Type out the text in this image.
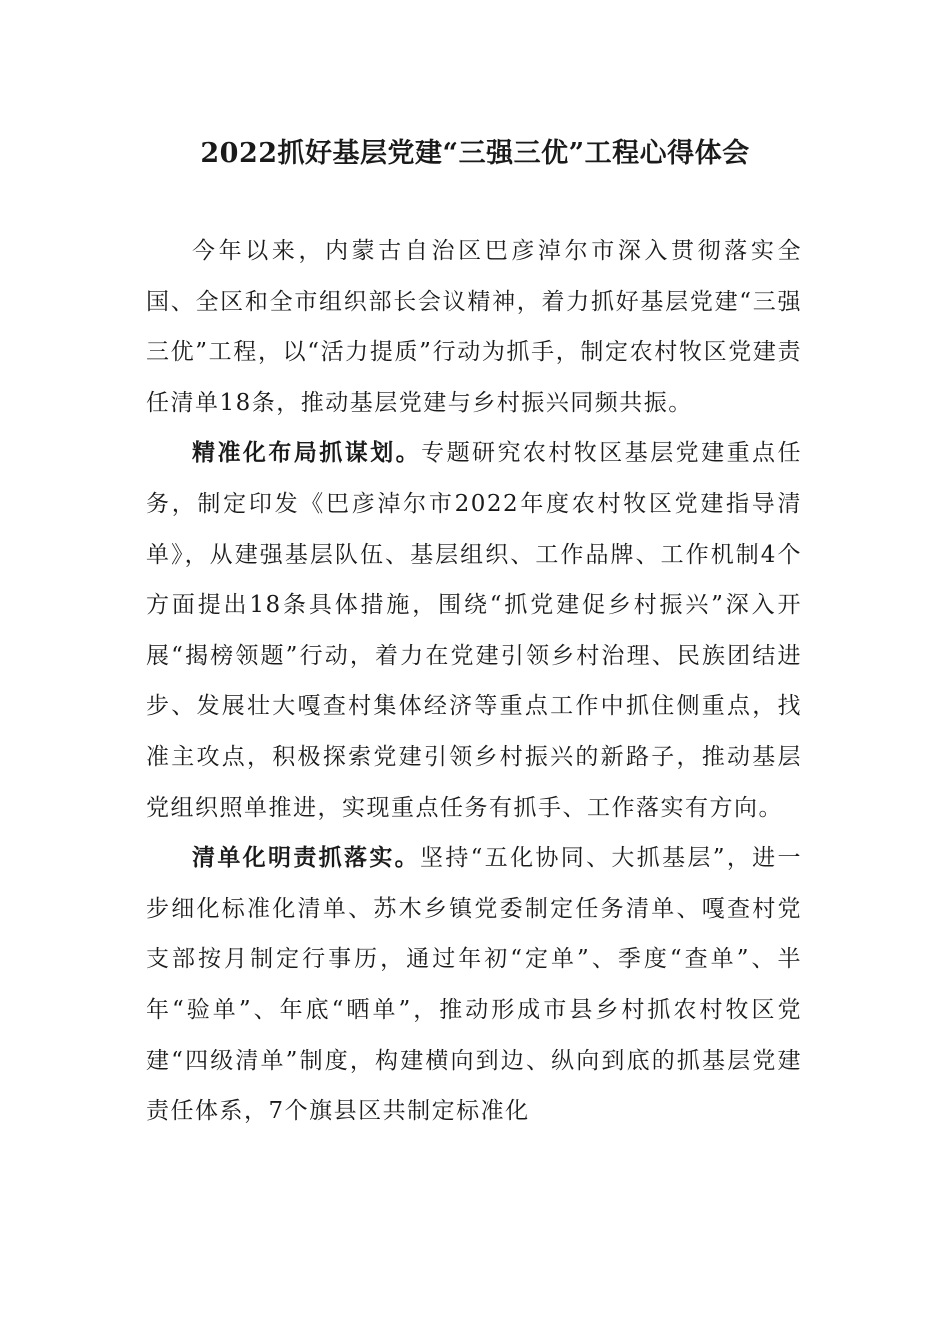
2022抓好基层党建“三强三优”工程心得体会

今年以来，内蒙古自治区巴彦淖尔市深入贯彻落实全国、全区和全市组织部长会议精神，着力抓好基层党建“三强三优”工程，以“活力提质”行动为抓手，制定农村牧区党建责任清单18条，推动基层党建与乡村振兴同频共振。

精准化布局抓谋划。专题研究农村牧区基层党建重点任务，制定印发《巴彦淖尔市2022年度农村牧区党建指导清单》，从建强基层队伍、基层组织、工作品牌、工作机制4个方面提出18条具体措施，围绕“抓党建促乡村振兴”深入开展“揭榜领题”行动，着力在党建引领乡村治理、民族团结进步、发展壮大嘎查村集体经济等重点工作中抓住侧重点，找准主攻点，积极探索党建引领乡村振兴的新路子，推动基层党组织照单推进，实现重点任务有抓手、工作落实有方向。

清单化明责抓落实。坚持“五化协同、大抓基层”，进一步细化标准化清单、苏木乡镇党委制定任务清单、嘎查村党支部按月制定行事历，通过年初“定单”、季度“查单”、半年“验单”、年底“晒单”，推动形成市县乡村抓农村牧区党建“四级清单”制度，构建横向到边、纵向到底的抓基层党建责任体系，7个旗县区共制定标准化
